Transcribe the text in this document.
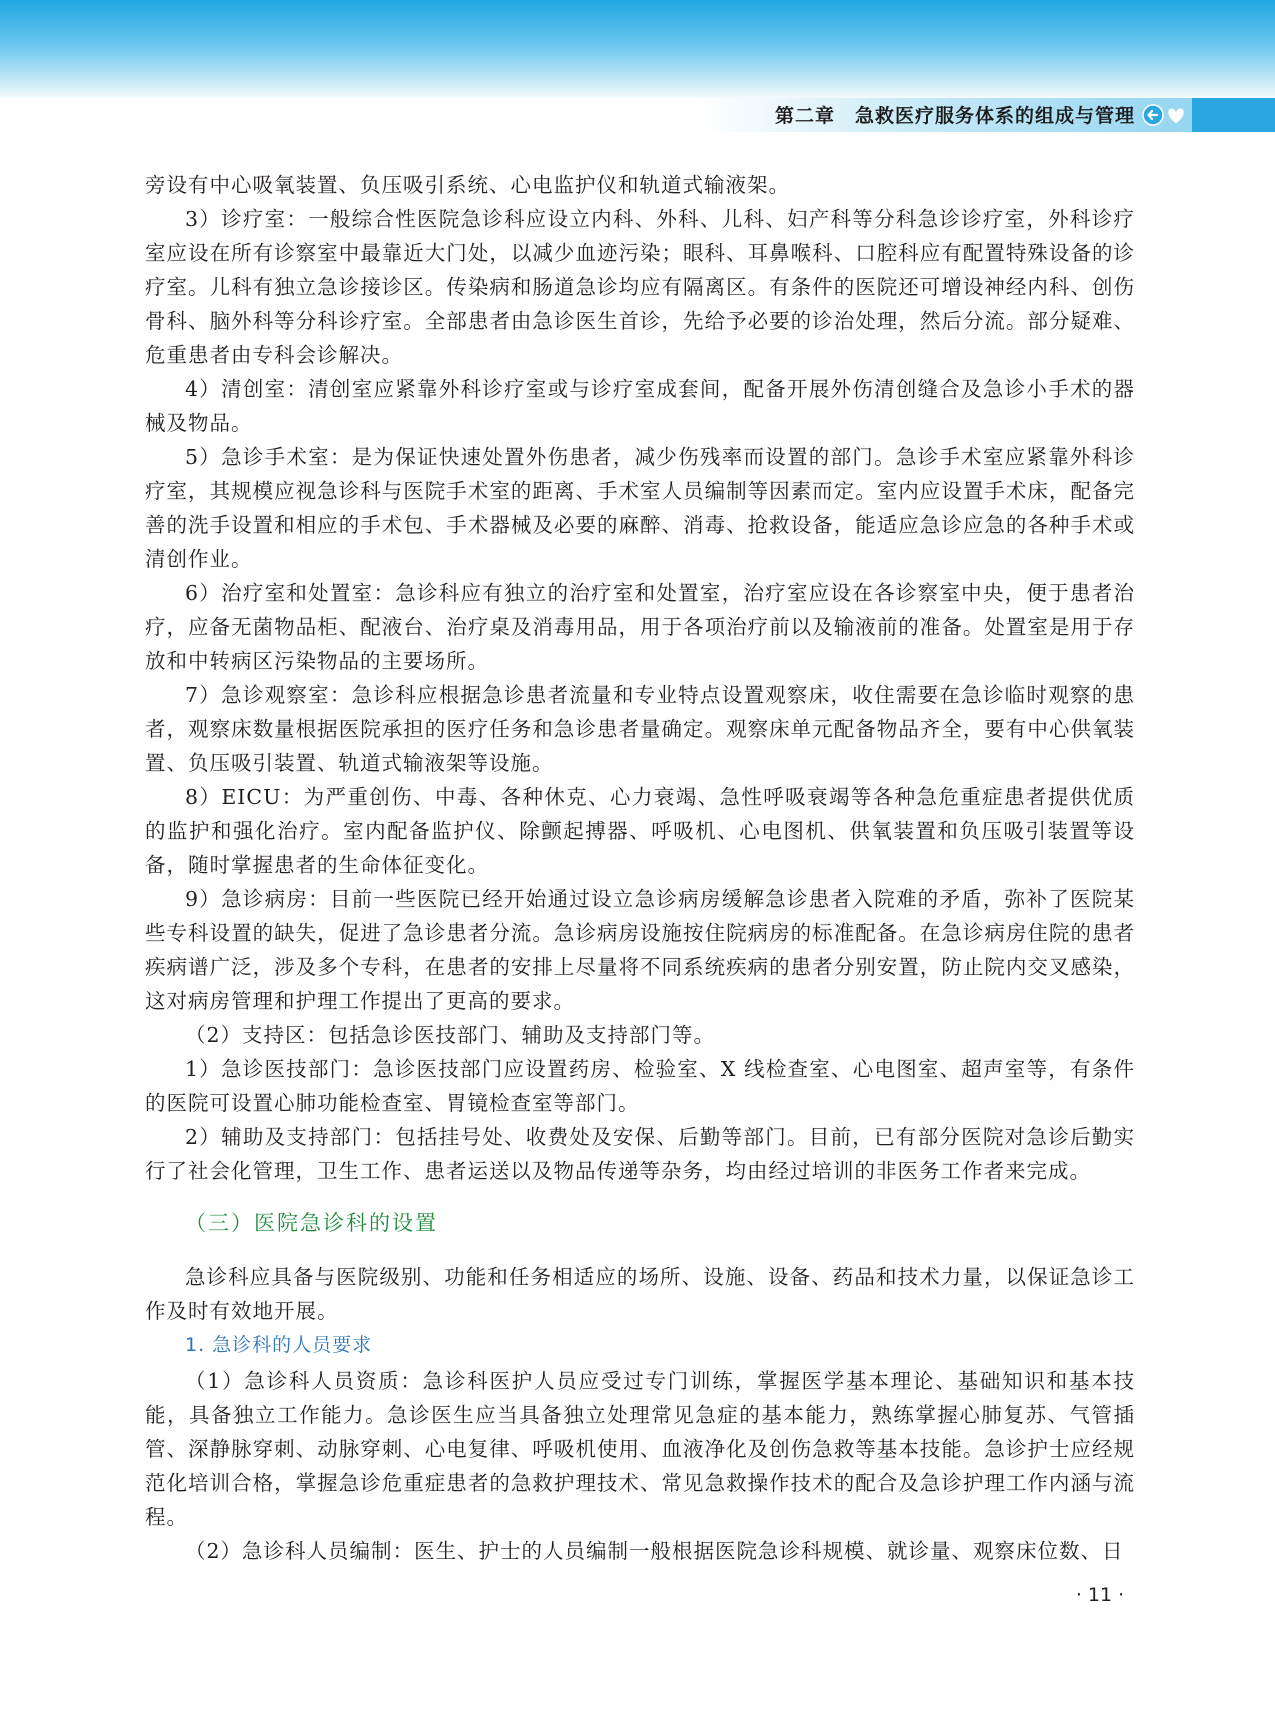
第二章　急救医疗服务体系的组成与管理

旁设有中心吸氧装置、负压吸引系统、心电监护仪和轨道式输液架。

3）诊疗室：一般综合性医院急诊科应设立内科、外科、儿科、妇产科等分科急诊诊疗室，外科诊疗室应设在所有诊察室中最靠近大门处，以减少血迹污染；眼科、耳鼻喉科、口腔科应有配置特殊设备的诊疗室。儿科有独立急诊接诊区。传染病和肠道急诊均应有隔离区。有条件的医院还可增设神经内科、创伤骨科、脑外科等分科诊疗室。全部患者由急诊医生首诊，先给予必要的诊治处理，然后分流。部分疑难、危重患者由专科会诊解决。

4）清创室：清创室应紧靠外科诊疗室或与诊疗室成套间，配备开展外伤清创缝合及急诊小手术的器械及物品。

5）急诊手术室：是为保证快速处置外伤患者，减少伤残率而设置的部门。急诊手术室应紧靠外科诊疗室，其规模应视急诊科与医院手术室的距离、手术室人员编制等因素而定。室内应设置手术床，配备完善的洗手设置和相应的手术包、手术器械及必要的麻醉、消毒、抢救设备，能适应急诊应急的各种手术或清创作业。

6）治疗室和处置室：急诊科应有独立的治疗室和处置室，治疗室应设在各诊察室中央，便于患者治疗，应备无菌物品柜、配液台、治疗桌及消毒用品，用于各项治疗前以及输液前的准备。处置室是用于存放和中转病区污染物品的主要场所。

7）急诊观察室：急诊科应根据急诊患者流量和专业特点设置观察床，收住需要在急诊临时观察的患者，观察床数量根据医院承担的医疗任务和急诊患者量确定。观察床单元配备物品齐全，要有中心供氧装置、负压吸引装置、轨道式输液架等设施。

8）EICU：为严重创伤、中毒、各种休克、心力衰竭、急性呼吸衰竭等各种急危重症患者提供优质的监护和强化治疗。室内配备监护仪、除颤起搏器、呼吸机、心电图机、供氧装置和负压吸引装置等设备，随时掌握患者的生命体征变化。

9）急诊病房：目前一些医院已经开始通过设立急诊病房缓解急诊患者入院难的矛盾，弥补了医院某些专科设置的缺失，促进了急诊患者分流。急诊病房设施按住院病房的标准配备。在急诊病房住院的患者疾病谱广泛，涉及多个专科，在患者的安排上尽量将不同系统疾病的患者分别安置，防止院内交叉感染，这对病房管理和护理工作提出了更高的要求。

（2）支持区：包括急诊医技部门、辅助及支持部门等。

1）急诊医技部门：急诊医技部门应设置药房、检验室、X 线检查室、心电图室、超声室等，有条件的医院可设置心肺功能检查室、胃镜检查室等部门。

2）辅助及支持部门：包括挂号处、收费处及安保、后勤等部门。目前，已有部分医院对急诊后勤实行了社会化管理，卫生工作、患者运送以及物品传递等杂务，均由经过培训的非医务工作者来完成。

（三）医院急诊科的设置

急诊科应具备与医院级别、功能和任务相适应的场所、设施、设备、药品和技术力量，以保证急诊工作及时有效地开展。

1. 急诊科的人员要求

（1）急诊科人员资质：急诊科医护人员应受过专门训练，掌握医学基本理论、基础知识和基本技能，具备独立工作能力。急诊医生应当具备独立处理常见急症的基本能力，熟练掌握心肺复苏、气管插管、深静脉穿刺、动脉穿刺、心电复律、呼吸机使用、血液净化及创伤急救等基本技能。急诊护士应经规范化培训合格，掌握急诊危重症患者的急救护理技术、常见急救操作技术的配合及急诊护理工作内涵与流程。

（2）急诊科人员编制：医生、护士的人员编制一般根据医院急诊科规模、就诊量、观察床位数、日

· 11 ·
